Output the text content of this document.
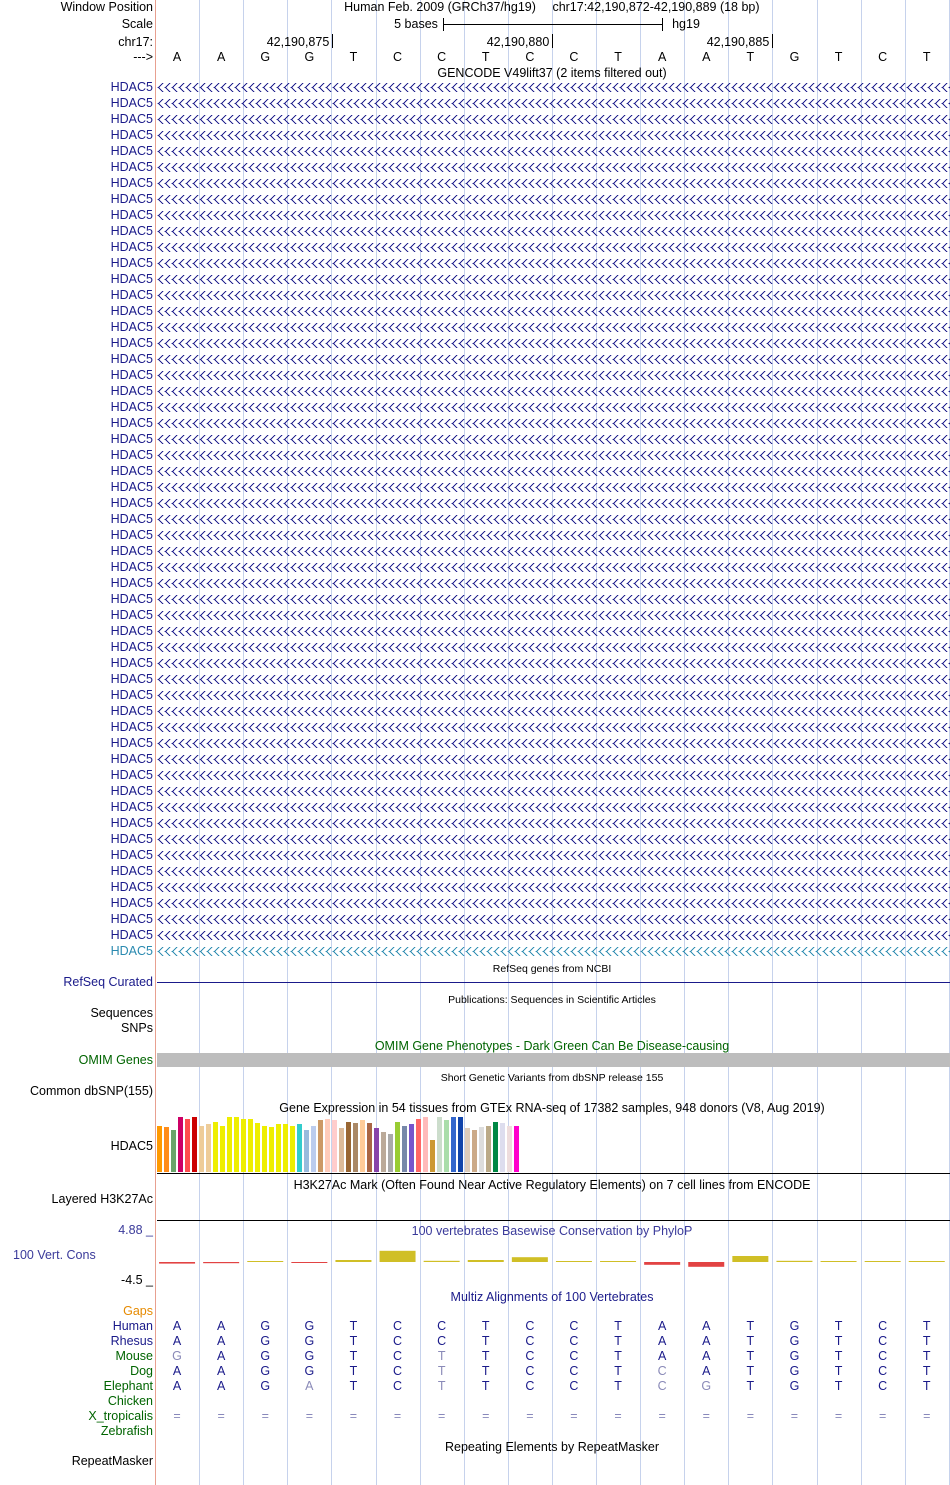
Window Position
Scale
chr17:
--->
Human Feb. 2009 (GRCh37/hg19) chr17:42,190,872-42,190,889 (18 bp)
5 bases	hg19
42,190,875	42,190,880	42,190,885
A	A	G	G	T	C	C	T	C	C	T	A	A	T	G	T	C	T
GENCODE V49lift37 (2 items filtered out)
HDAC5
HDAC5
HDAC5
HDAC5
HDAC5
HDAC5
HDAC5
HDAC5
HDAC5
HDAC5
HDAC5
HDAC5
HDAC5
HDAC5
HDAC5
HDAC5
HDAC5
HDAC5
HDAC5
HDAC5
HDAC5
HDAC5
HDAC5
HDAC5
HDAC5
HDAC5
HDAC5
HDAC5
HDAC5
HDAC5
HDAC5
HDAC5
HDAC5
HDAC5
HDAC5
HDAC5
HDAC5
HDAC5
HDAC5
HDAC5
HDAC5
HDAC5
HDAC5
HDAC5
HDAC5
HDAC5
HDAC5
HDAC5
HDAC5
HDAC5
HDAC5
HDAC5
HDAC5
HDAC5
HDAC5
RefSeq genes from NCBI
RefSeq Curated
Publications: Sequences in Scientific Articles
Sequences
SNPs
OMIM Gene Phenotypes - Dark Green Can Be Disease-causing
OMIM Genes
Short Genetic Variants from dbSNP release 155
Common dbSNP(155)
Gene Expression in 54 tissues from GTEx RNA-seq of 17382 samples, 948 donors (V8, Aug 2019)
HDAC5
H3K27Ac Mark (Often Found Near Active Regulatory Elements) on 7 cell lines from ENCODE
Layered H3K27Ac
100 vertebrates Basewise Conservation by PhyloP
4.88 _
100 Vert. Cons
-4.5 _
Multiz Alignments of 100 Vertebrates
Gaps
Human	A	A	G	G	T	C	C	T	C	C	T	A	A	T	G	T	C	T
Rhesus	A	A	G	G	T	C	C	T	C	C	T	A	A	T	G	T	C	T
Mouse	G	A	G	G	T	C	T	T	C	C	T	A	A	T	G	T	C	T
Dog	A	A	G	G	T	C	T	T	C	C	T	C	A	T	G	T	C	T
Elephant	A	A	G	A	T	C	T	T	C	C	T	C	G	T	G	T	C	T
Chicken
X_tropicalis	=	=	=	=	=	=	=	=	=	=	=	=	=	=	=	=	=	=
Zebrafish
Repeating Elements by RepeatMasker
RepeatMasker
